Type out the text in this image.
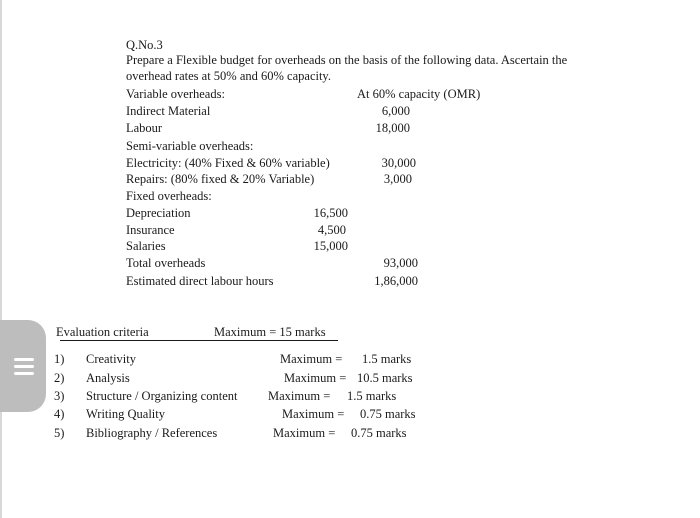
Q.No.3
Prepare a Flexible budget for overheads on the basis of the following data. Ascertain the
overhead rates at 50% and 60% capacity.
Variable overheads:	At 60% capacity (OMR)
Indirect Material	6,000
Labour	18,000
Semi-variable overheads:
Electricity: (40% Fixed & 60% variable)	30,000
Repairs: (80% fixed & 20% Variable)	3,000
Fixed overheads:
Depreciation	16,500
Insurance	4,500
Salaries	15,000
Total overheads	93,000
Estimated direct labour hours	1,86,000
Evaluation criteria	Maximum = 15 marks
1) Creativity	Maximum = 1.5 marks
2) Analysis	Maximum = 10.5 marks
3) Structure / Organizing content Maximum = 1.5 marks
4) Writing Quality	Maximum = 0.75 marks
5) Bibliography / References	Maximum = 0.75 marks
